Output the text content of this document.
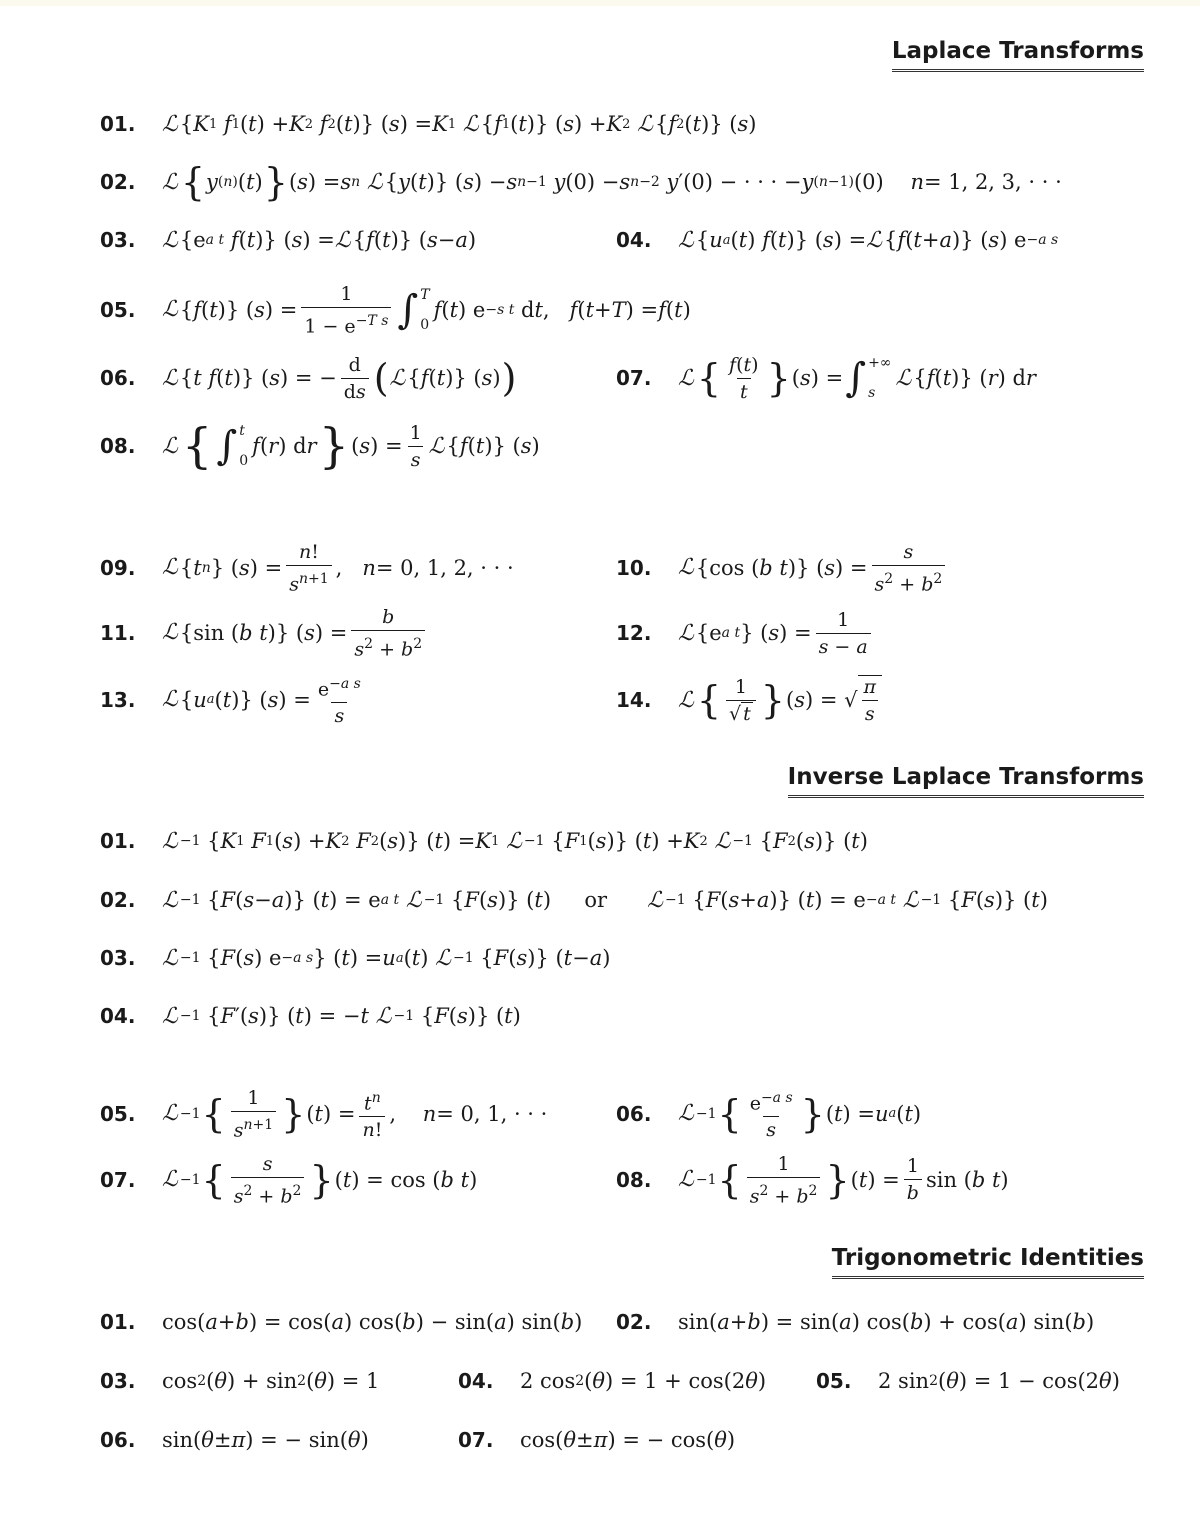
Laplace Transforms
01.	ℒ { K 1
f 1 ( t ) + K 2
f 2 ( t )} ( s ) = K 1
ℒ { f 1 ( t )} ( s ) + K 2
ℒ { f 2 ( t )} ( s )
02.	ℒ { y (n) ( t ) } ( s ) = s n
ℒ { y ( t )} ( s ) − s n−1
y (0) − s n−2
y ′(0) − · · · − y (n−1) (0) n = 1, 2, 3, · · ·
03.	ℒ {e a t
f ( t )} ( s ) = ℒ { f ( t )} ( s − a )	04.	ℒ { u a ( t ) f ( t )} ( s ) = ℒ { f ( t + a )} ( s ) e −a s
05.	ℒ { f ( t )} ( s ) = $\frac{1}{1 - e^{-T s}}$ ∫ T
0
f ( t ) e −s t d t , f ( t + T ) = f ( t )
06.	ℒ { t
f ( t )} ( s ) = − $\frac{d}{ds}$ ( ℒ { f ( t )} ( s ) )	07.	ℒ { $\frac{f(t)}{t}$ } ( s ) = ∫ +∞
s
ℒ { f ( t )} ( r ) d r
08.	ℒ { ∫ t
0
f ( r ) d r } ( s ) = $\frac{1}{s}$ ℒ { f ( t )} ( s )
09.	ℒ { t n } ( s ) = $\frac{n!}{s^{n+1}}$ , n = 0, 1, 2, · · ·	10.	ℒ {cos ( b t )} ( s ) = $\frac{s}{s^2 + b^2}$
11.	ℒ {sin ( b t )} ( s ) = $\frac{b}{s^2 + b^2}$	12.	ℒ {e a t } ( s ) = $\frac{1}{s - a}$
13.	ℒ { u a ( t )} ( s ) = $\frac{e^{-a s}}{s}$	14.	ℒ { $\frac{1}{√ t}$ } ( s ) = √ $\frac{\pi}{s}$
Inverse Laplace Transforms
01.	ℒ −1 { K 1
F 1 ( s ) + K 2
F 2 ( s )} ( t ) = K 1
ℒ −1 { F 1 ( s )} ( t ) + K 2
ℒ −1 { F 2 ( s )} ( t )
02.	ℒ −1 { F ( s − a )} ( t ) = e a t
ℒ −1 { F ( s )} ( t ) or
ℒ −1 { F ( s + a )} ( t ) = e −a t
ℒ −1 { F ( s )} ( t )
03.	ℒ −1 { F ( s ) e −a s } ( t ) = u a ( t ) ℒ −1 { F ( s )} ( t − a )
04.	ℒ −1 { F ′( s )} ( t ) = − t
ℒ −1 { F ( s )} ( t )
05.	ℒ −1 { $\frac{1}{s^{n+1}}$ } ( t ) = $\frac{t^n}{n!}$ , n = 0, 1, · · ·	06.	ℒ −1 { $\frac{e^{-a s}}{s}$ } ( t ) = u a ( t )
07.	ℒ −1 { $\frac{s}{s^2 + b^2}$ } ( t ) = cos ( b t )	08.	ℒ −1 { $\frac{1}{s^2 + b^2}$ } ( t ) = $\frac{1}{b}$ sin ( b t )
Trigonometric Identities
01.	cos( a + b ) = cos( a ) cos( b ) − sin( a ) sin( b ) 02.	sin( a + b ) = sin( a ) cos( b ) + cos( a ) sin( b )
03.	cos 2 ( θ ) + sin 2 ( θ ) = 1	04.	2 cos 2 ( θ ) = 1 + cos(2 θ ) 05.	2 sin 2 ( θ ) = 1 − cos(2 θ )
06.	sin( θ ± π ) = − sin( θ )	07.	cos( θ ± π ) = − cos( θ )
